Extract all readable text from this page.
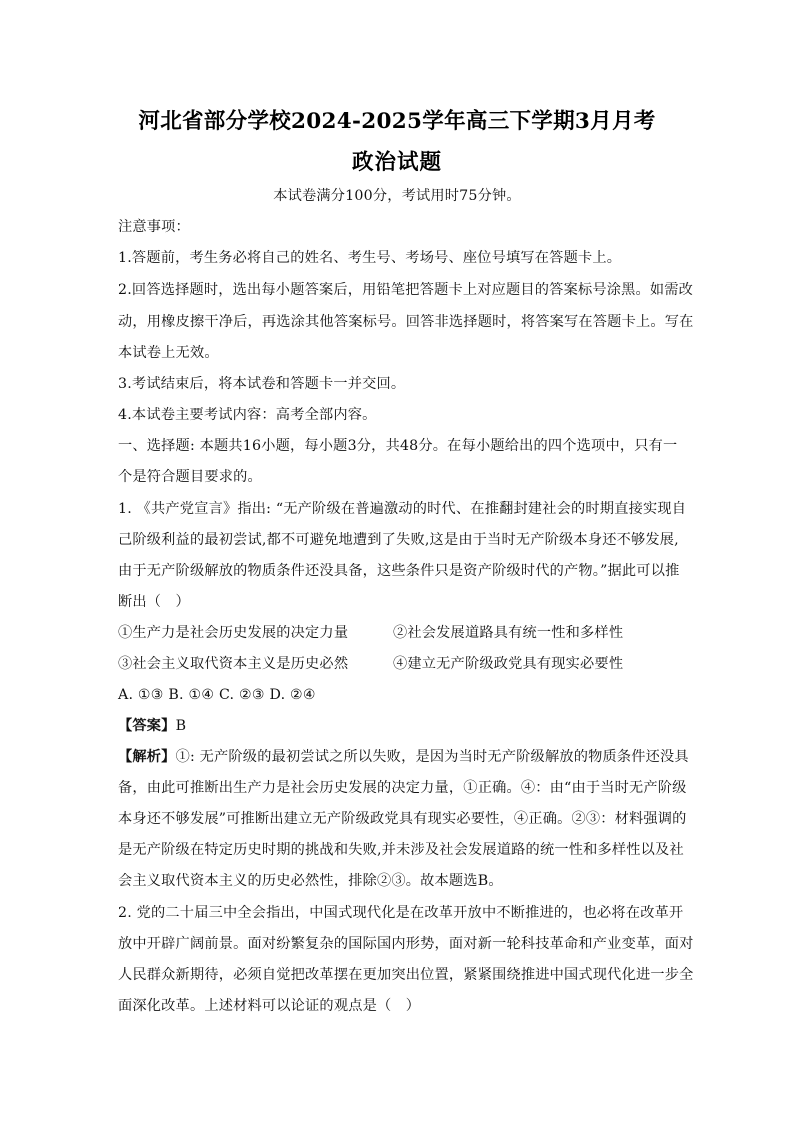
河北省部分学校2024-2025学年高三下学期3月月考
政治试题
本试卷满分100分，考试用时75分钟。
注意事项：
1.答题前，考生务必将自己的姓名、考生号、考场号、座位号填写在答题卡上。
2.回答选择题时，选出每小题答案后，用铅笔把答题卡上对应题目的答案标号涂黑。如需改
动，用橡皮擦干净后，再选涂其他答案标号。回答非选择题时，将答案写在答题卡上。写在
本试卷上无效。
3.考试结束后，将本试卷和答题卡一并交回。
4.本试卷主要考试内容：高考全部内容。
一、选择题: 本题共16小题，每小题3分，共48分。在每小题给出的四个选项中，只有一
个是符合题目要求的。
1. 《共产党宣言》指出: “无产阶级在普遍激动的时代、在推翻封建社会的时期直接实现自
己阶级利益的最初尝试,都不可避免地遭到了失败,这是由于当时无产阶级本身还不够发展,
由于无产阶级解放的物质条件还没具备，这些条件只是资产阶级时代的产物。”据此可以推
断出（　）
①生产力是社会历史发展的决定力量	②社会发展道路具有统一性和多样性
③社会主义取代资本主义是历史必然	④建立无产阶级政党具有现实必要性
A. ①③ B. ①④ C. ②③ D. ②④
【答案】B
【解析】①: 无产阶级的最初尝试之所以失败，是因为当时无产阶级解放的物质条件还没具
备，由此可推断出生产力是社会历史发展的决定力量，①正确。④：由“由于当时无产阶级
本身还不够发展”可推断出建立无产阶级政党具有现实必要性，④正确。②③：材料强调的
是无产阶级在特定历史时期的挑战和失败,并未涉及社会发展道路的统一性和多样性以及社
会主义取代资本主义的历史必然性，排除②③。故本题选B。
2. 党的二十届三中全会指出，中国式现代化是在改革开放中不断推进的，也必将在改革开
放中开辟广阔前景。面对纷繁复杂的国际国内形势，面对新一轮科技革命和产业变革，面对
人民群众新期待，必须自觉把改革摆在更加突出位置，紧紧围绕推进中国式现代化进一步全
面深化改革。上述材料可以论证的观点是（　）
